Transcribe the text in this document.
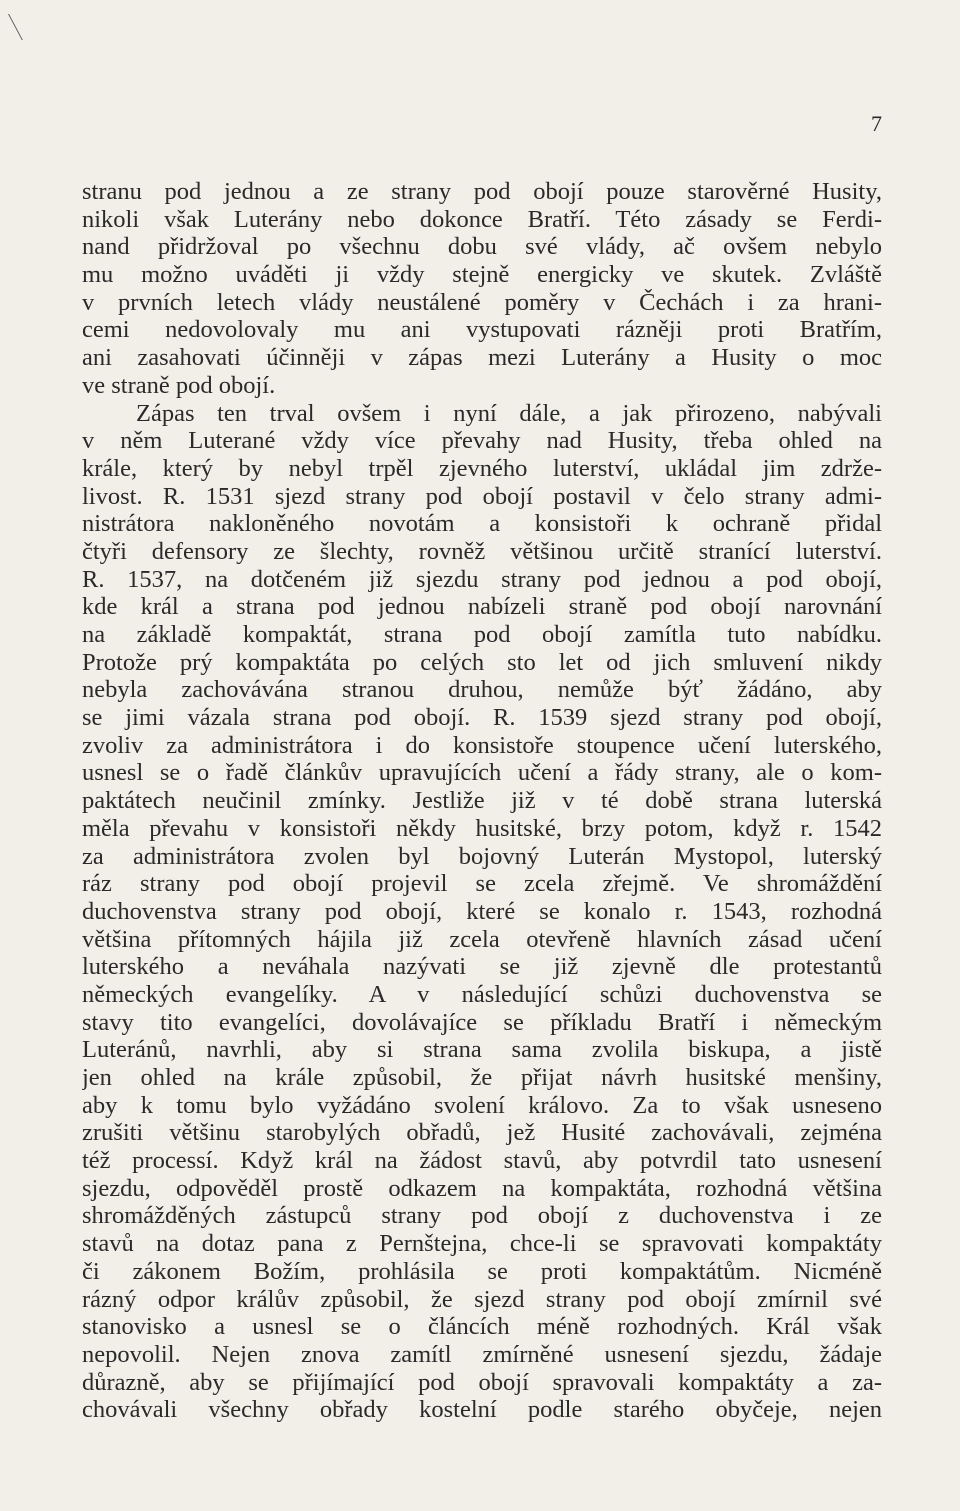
7
stranu pod jednou a ze strany pod obojí pouze starověrné Husity,
nikoli však Luterány nebo dokonce Bratří. Této zásady se Ferdi-
nand přidržoval po všechnu dobu své vlády, ač ovšem nebylo
mu možno uváděti ji vždy stejně energicky ve skutek. Zvláště
v prvních letech vlády neustálené poměry v Čechách i za hrani-
cemi nedovolovaly mu ani vystupovati rázněji proti Bratřím,
ani zasahovati účinněji v zápas mezi Luterány a Husity o moc
ve straně pod obojí.
Zápas ten trval ovšem i nyní dále, a jak přirozeno, nabývali
v něm Luterané vždy více převahy nad Husity, třeba ohled na
krále, který by nebyl trpěl zjevného luterství, ukládal jim zdrže-
livost. R. 1531 sjezd strany pod obojí postavil v čelo strany admi-
nistrátora nakloněného novotám a konsistoři k ochraně přidal
čtyři defensory ze šlechty, rovněž většinou určitě stranící luterství.
R. 1537, na dotčeném již sjezdu strany pod jednou a pod obojí,
kde král a strana pod jednou nabízeli straně pod obojí narovnání
na základě kompaktát, strana pod obojí zamítla tuto nabídku.
Protože prý kompaktáta po celých sto let od jich smluvení nikdy
nebyla zachovávána stranou druhou, nemůže býť žádáno, aby
se jimi vázala strana pod obojí. R. 1539 sjezd strany pod obojí,
zvoliv za administrátora i do konsistoře stoupence učení luterského,
usnesl se o řadě článkův upravujících učení a řády strany, ale o kom-
paktátech neučinil zmínky. Jestliže již v té době strana luterská
měla převahu v konsistoři někdy husitské, brzy potom, když r. 1542
za administrátora zvolen byl bojovný Luterán Mystopol, luterský
ráz strany pod obojí projevil se zcela zřejmě. Ve shromáždění
duchovenstva strany pod obojí, které se konalo r. 1543, rozhodná
většina přítomných hájila již zcela otevřeně hlavních zásad učení
luterského a neváhala nazývati se již zjevně dle protestantů
německých evangelíky. A v následující schůzi duchovenstva se
stavy tito evangelíci, dovolávajíce se příkladu Bratří i německým
Luteránů, navrhli, aby si strana sama zvolila biskupa, a jistě
jen ohled na krále způsobil, že přijat návrh husitské menšiny,
aby k tomu bylo vyžádáno svolení královo. Za to však usneseno
zrušiti většinu starobylých obřadů, jež Husité zachovávali, zejména
též processí. Když král na žádost stavů, aby potvrdil tato usnesení
sjezdu, odpověděl prostě odkazem na kompaktáta, rozhodná většina
shromážděných zástupců strany pod obojí z duchovenstva i ze
stavů na dotaz pana z Pernštejna, chce-li se spravovati kompaktáty
či zákonem Božím, prohlásila se proti kompaktátům. Nicméně
rázný odpor králův způsobil, že sjezd strany pod obojí zmírnil své
stanovisko a usnesl se o článcích méně rozhodných. Král však
nepovolil. Nejen znova zamítl zmírněné usnesení sjezdu, žádaje
důrazně, aby se přijímající pod obojí spravovali kompaktáty a za-
chovávali všechny obřady kostelní podle starého obyčeje, nejen
